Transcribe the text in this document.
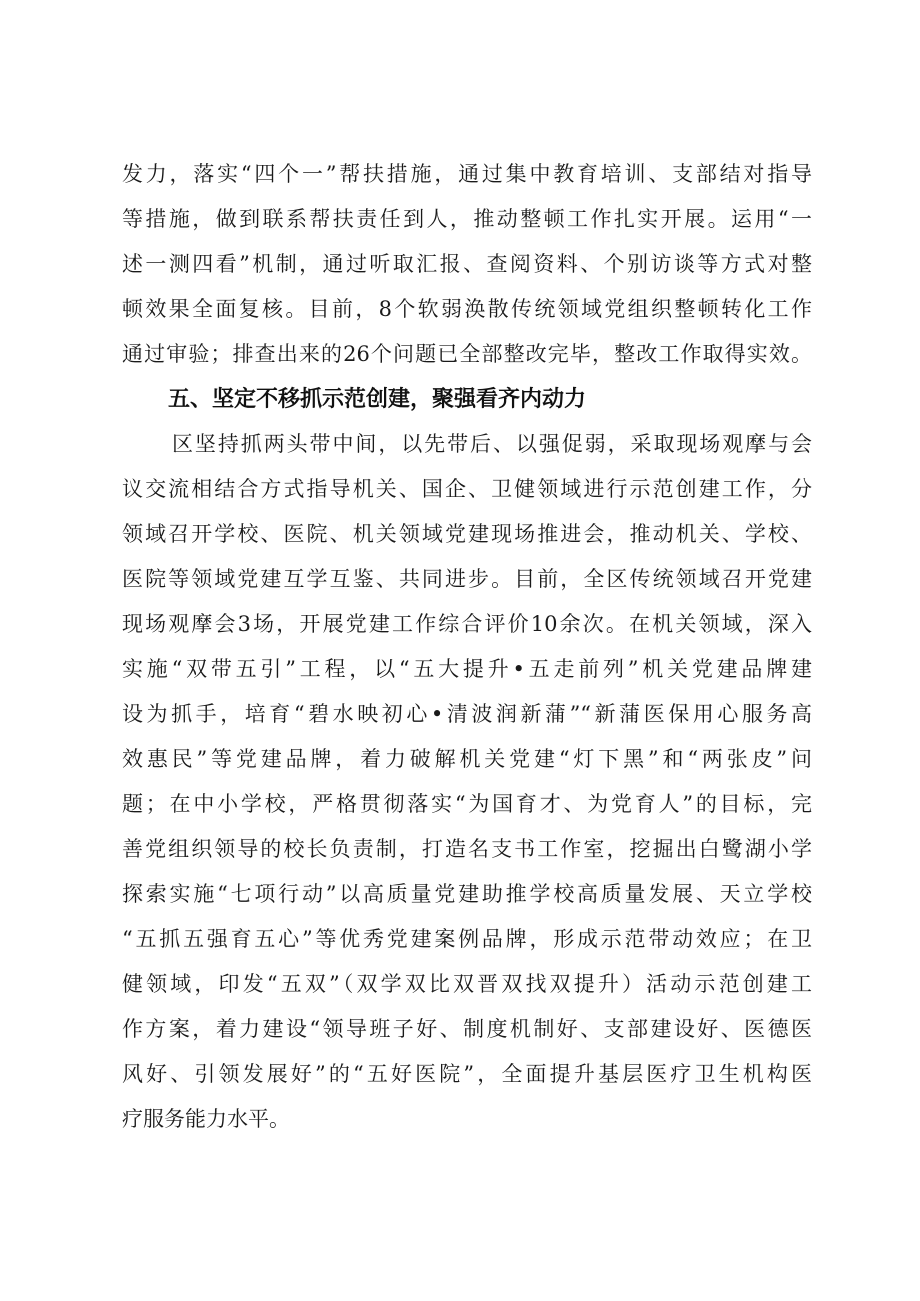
发力，落实“四个一”帮扶措施，通过集中教育培训、支部结对指导
等措施，做到联系帮扶责任到人，推动整顿工作扎实开展。运用“一
述一测四看”机制，通过听取汇报、查阅资料、个别访谈等方式对整
顿效果全面复核。目前，8个软弱涣散传统领域党组织整顿转化工作
通过审验；排查出来的26个问题已全部整改完毕，整改工作取得实效。
五、坚定不移抓示范创建，聚强看齐内动力
区坚持抓两头带中间，以先带后、以强促弱，采取现场观摩与会
议交流相结合方式指导机关、国企、卫健领域进行示范创建工作，分
领域召开学校、医院、机关领域党建现场推进会，推动机关、学校、
医院等领域党建互学互鉴、共同进步。目前，全区传统领域召开党建
现场观摩会3场，开展党建工作综合评价10余次。在机关领域，深入
实施“双带五引”工程，以“五大提升•五走前列”机关党建品牌建
设为抓手，培育“碧水映初心•清波润新蒲”“新蒲医保用心服务高
效惠民”等党建品牌，着力破解机关党建“灯下黑”和“两张皮”问
题；在中小学校，严格贯彻落实“为国育才、为党育人”的目标，完
善党组织领导的校长负责制，打造名支书工作室，挖掘出白鹭湖小学
探索实施“七项行动”以高质量党建助推学校高质量发展、天立学校
“五抓五强育五心”等优秀党建案例品牌，形成示范带动效应；在卫
健领域，印发“五双”（双学双比双晋双找双提升）活动示范创建工
作方案，着力建设“领导班子好、制度机制好、支部建设好、医德医
风好、引领发展好”的“五好医院”，全面提升基层医疗卫生机构医
疗服务能力水平。
